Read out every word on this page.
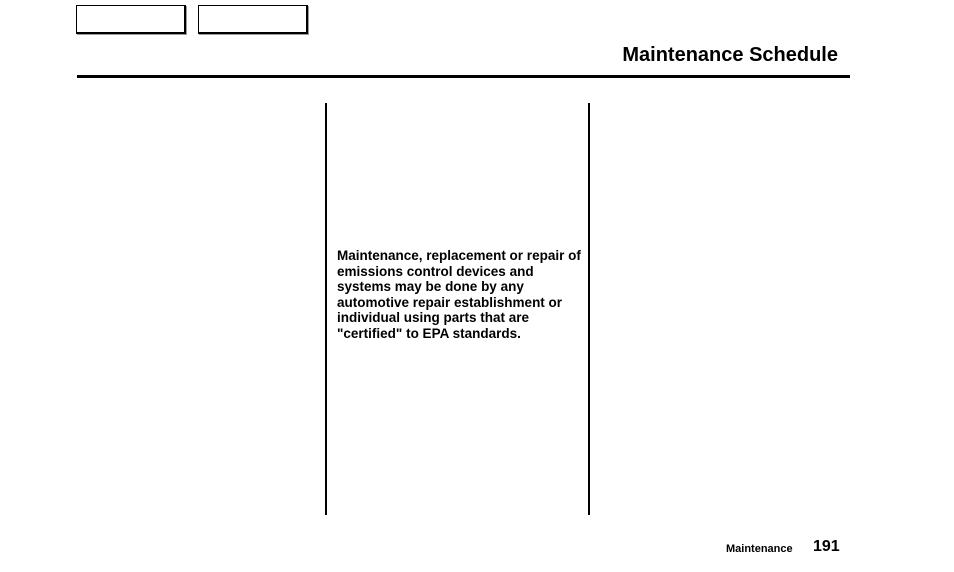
Maintenance Schedule

Maintenance, replacement or repair of emissions control devices and systems may be done by any automotive repair establishment or individual using parts that are "certified" to EPA standards.

Maintenance 191
